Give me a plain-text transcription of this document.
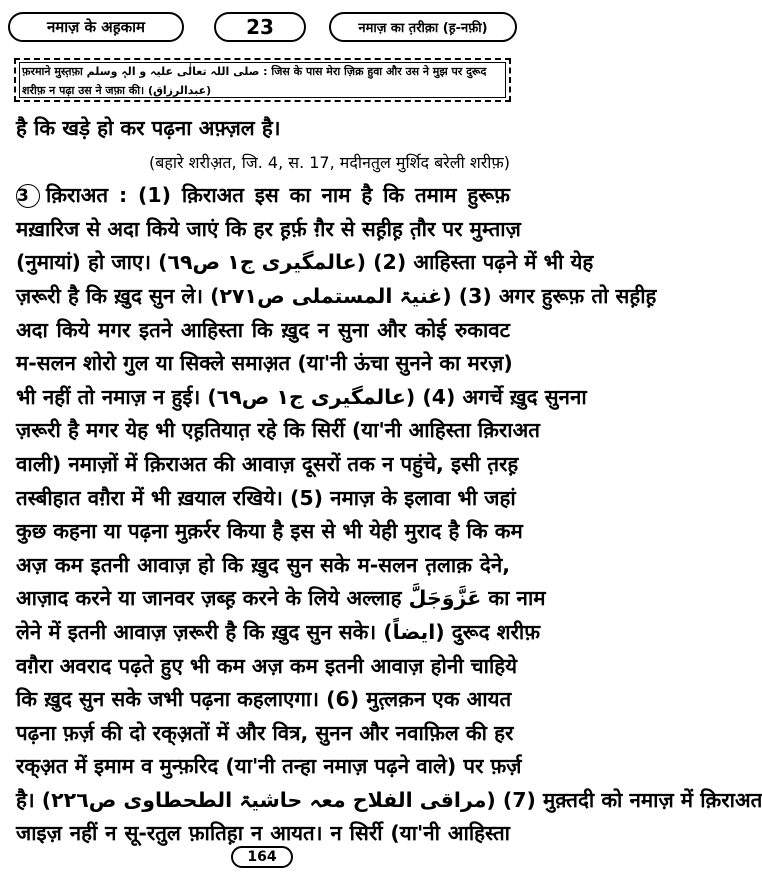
नमाज़ के अह़काम	23	नमाज़ का त़रीक़ा (ह़-नफ़ी)
फ़रमाने मुस्त़फ़ा صلی اللہ تعالٰی علیہ و الہٖ وسلم : जिस के पास मेरा ज़िक्र हुवा और उस ने मुझ पर दुरूद शरीफ़ न पढ़ा उस ने जफ़ा की। (عبدالرزاق)
है कि खड़े हो कर पढ़ना अफ़्ज़ल है।
(बहारे शरीअ़त, जि. 4, स. 17, मदीनतुल मुर्शिद बरेली शरीफ़)
3 क़िराअत : (1) क़िराअत इस का नाम है कि तमाम हुरूफ़
मख़ारिज से अदा किये जाएं कि हर ह़र्फ़ ग़ैर से सह़ीह़ त़ौर पर मुम्ताज़
(नुमायां) हो जाए। (عالمگیری ج۱ ص٦۹) (2) आहिस्ता पढ़ने में भी येह
ज़रूरी है कि ख़ुद सुन ले। (غنیۃ المستملی ص٢٧١) (3) अगर हुरूफ़ तो सह़ीह़
अदा किये मगर इतने आहिस्ता कि ख़ुद न सुना और कोई रुकावट
म-सलन शोरो गुल या सिक्ले समाअ़त (या'नी ऊंचा सुनने का मरज़)
भी नहीं तो नमाज़ न हुई। (عالمگیری ج۱ ص٦۹) (4) अगर्चे ख़ुद सुनना
ज़रूरी है मगर येह भी एह़तियात़ रहे कि सिर्री (या'नी आहिस्ता क़िराअत
वाली) नमाज़ों में क़िराअत की आवाज़ दूसरों तक न पहुंचे, इसी त़रह़
तस्बीहात वग़ैरा में भी ख़याल रखिये। (5) नमाज़ के इलावा भी जहां
कुछ कहना या पढ़ना मुक़र्रर किया है इस से भी येही मुराद है कि कम
अज़ कम इतनी आवाज़ हो कि ख़ुद सुन सके म-सलन त़लाक़ देने,
आज़ाद करने या जानवर ज़ब्ह़ करने के लिये अल्लाह عَزَّوَجَلَّ का नाम
लेने में इतनी आवाज़ ज़रूरी है कि ख़ुद सुन सके। (ایضاً) दुरूद शरीफ़
वग़ैरा अवराद पढ़ते हुए भी कम अज़ कम इतनी आवाज़ होनी चाहिये
कि ख़ुद सुन सके जभी पढ़ना कहलाएगा। (6) मुत़्लक़न एक आयत
पढ़ना फ़र्ज़ की दो रक्अ़तों में और वित्र, सुनन और नवाफ़िल की हर
रक्अ़त में इमाम व मुन्फ़रिद (या'नी तन्हा नमाज़ पढ़ने वाले) पर फ़र्ज़
है। (مراقی الفلاح معہ حاشیۃ الطحطاوی ص٢٢٦) (7) मुक़्तदी को नमाज़ में क़िराअत
जाइज़ नहीं न सू-रतुल फ़ातिह़ा न आयत। न सिर्री (या'नी आहिस्ता
164
